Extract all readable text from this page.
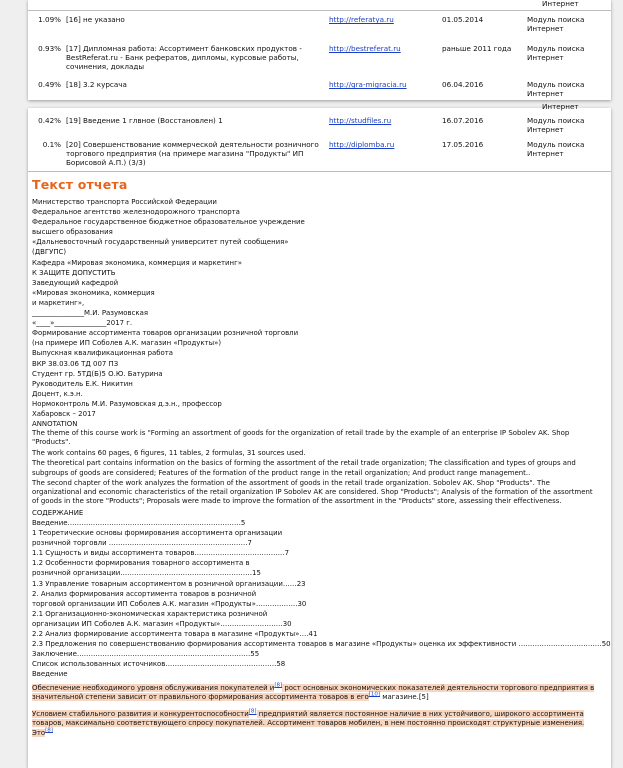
Интернет
1.09%	[16] не указано	http://referatya.ru	01.05.2014	Модуль поиска Интернет
0.93%	[17] Дипломная работа: Ассортимент банковских продуктов - BestReferat.ru - Банк рефератов, дипломы, курсовые работы, сочинения, доклады	http://bestreferat.ru	раньше 2011 года	Модуль поиска Интернет
0.49%	[18] 3.2 курсача	http://gra-migracia.ru	06.04.2016	Модуль поиска Интернет
Интернет
0.42%	[19] Введение 1 глвное (Восстановлен) 1	http://studfiles.ru	16.07.2016	Модуль поиска Интернет
0.1%	[20] Совершенствование коммерческой деятельности розничного торгового предприятия (на примере магазина "Продукты" ИП Борисовой А.П.) (3/3)	http://diplomba.ru	17.05.2016	Модуль поиска Интернет
Текст отчета
Министерство транспорта Российской Федерации
Федеральное агентство железнодорожного транспорта
Федеральное государственное бюджетное образовательное учреждение
высшего образования
«Дальневосточный государственный университет путей сообщения»
(ДВГУПС)
Кафедра «Мировая экономика, коммерция и маркетинг»
К ЗАЩИТЕ ДОПУСТИТЬ
Заведующий кафедрой
«Мировая экономика, коммерция
и маркетинг»,
_______________М.И. Разумовская
«____»_______________2017 г.
Формирование ассортимента товаров организации розничной торговли
(на примере ИП Соболев А.К. магазин «Продукты»)
Выпускная квалификационная работа
ВКР 38.03.06 ТД 007 ПЗ
Студент гр. 5ТД(Б)5 О.Ю. Батурина
Руководитель Е.К. Никитин
Доцент, к.э.н.
Нормоконтроль М.И. Разумовская д.э.н., профессор
Хабаровск – 2017
ANNOTATION
The theme of this course work is "Forming an assortment of goods for the organization of retail trade by the example of an enterprise IP Sobolev AK. Shop "Products".
The work contains 60 pages, 6 figures, 11 tables, 2 formulas, 31 sources used.
The theoretical part contains information on the basics of forming the assortment of the retail trade organization; The classification and types of groups and subgroups of goods are considered; Features of the formation of the product range in the retail organization; And product range management..
The second chapter of the work analyzes the formation of the assortment of goods in the retail trade organization. Sobolev AK. Shop "Products". The organizational and economic characteristics of the retail organization IP Sobolev AK are considered. Shop "Products"; Analysis of the formation of the assortment of goods in the store "Products"; Proposals were made to improve the formation of the assortment in the "Products" store, assessing their effectiveness.
СОДЕРЖАНИЕ
Введение…………………………………………………………………5
1 Теоретические основы формирования ассортимента организации
розничной торговли ……………………………………………………7
1.1 Сущность и виды ассортимента товаров…………………………………7
1.2 Особенности формирования товарного ассортимента в
розничной организации…………………………………………………15
1.3 Управление товарным ассортиментом в розничной организации……23
2. Анализ формирования ассортимента товаров в розничной
торговой организации ИП Соболев А.К. магазин «Продукты»………………30
2.1 Организационно-экономическая характеристика розничной
организации ИП Соболев А.К. магазин «Продукты»………………………30
2.2 Анализ формирование ассортимента товара в магазине «Продукты»….41
2.3 Предложения по совершенствованию формирования ассортимента товаров в магазине «Продукты» оценка их эффективности ………………………………50
Заключение…………………………………………………………………55
Список использованных источников…………………………………………58
Введение
Обеспечение необходимого уровня обслуживания покупателей и[8] рост основных экономических показателей деятельности торгового предприятия в значительной степени зависит от правильного формирования ассортимента товаров в его[10] магазине.[5]
Условием стабильного развития и конкурентоспособности[8] предприятий является постоянное наличие в них устойчивого, широкого ассортимента товаров, максимально соответствующего спросу покупателей. Ассортимент товаров мобилен, в нем постоянно происходят структурные изменения. Это[8]
